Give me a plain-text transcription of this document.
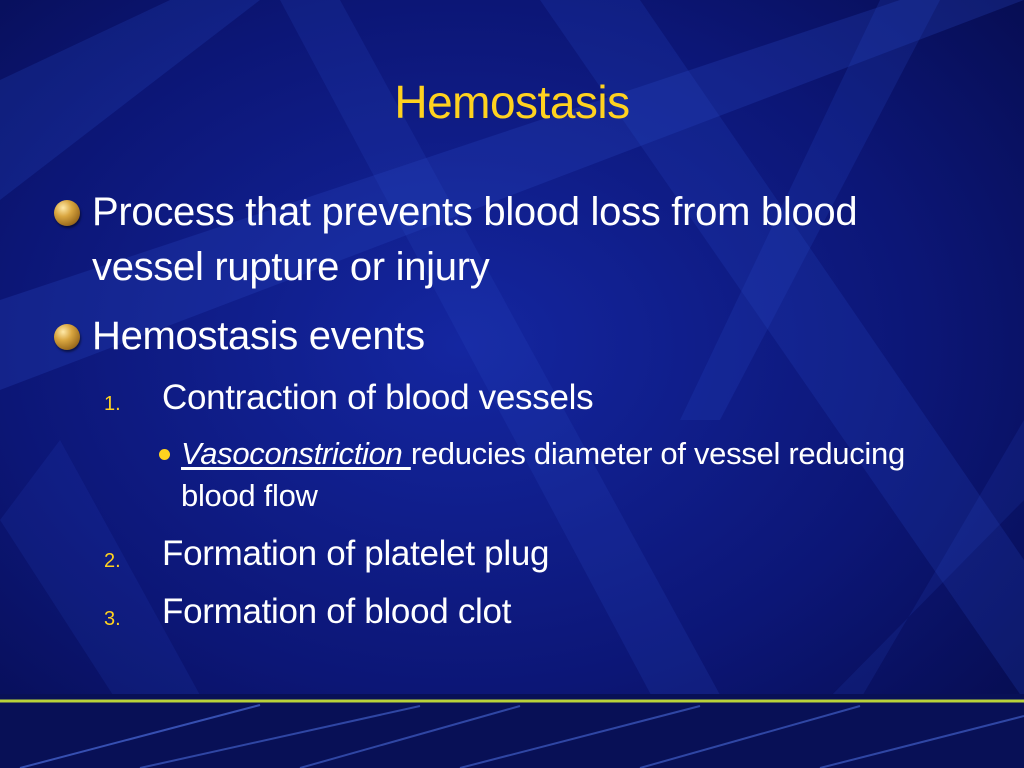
Hemostasis
Process that prevents blood loss from blood
vessel rupture or injury
Hemostasis events
1. Contraction of blood vessels
Vasoconstriction reducies diameter of vessel reducing
blood flow
2. Formation of platelet plug
3. Formation of blood clot
